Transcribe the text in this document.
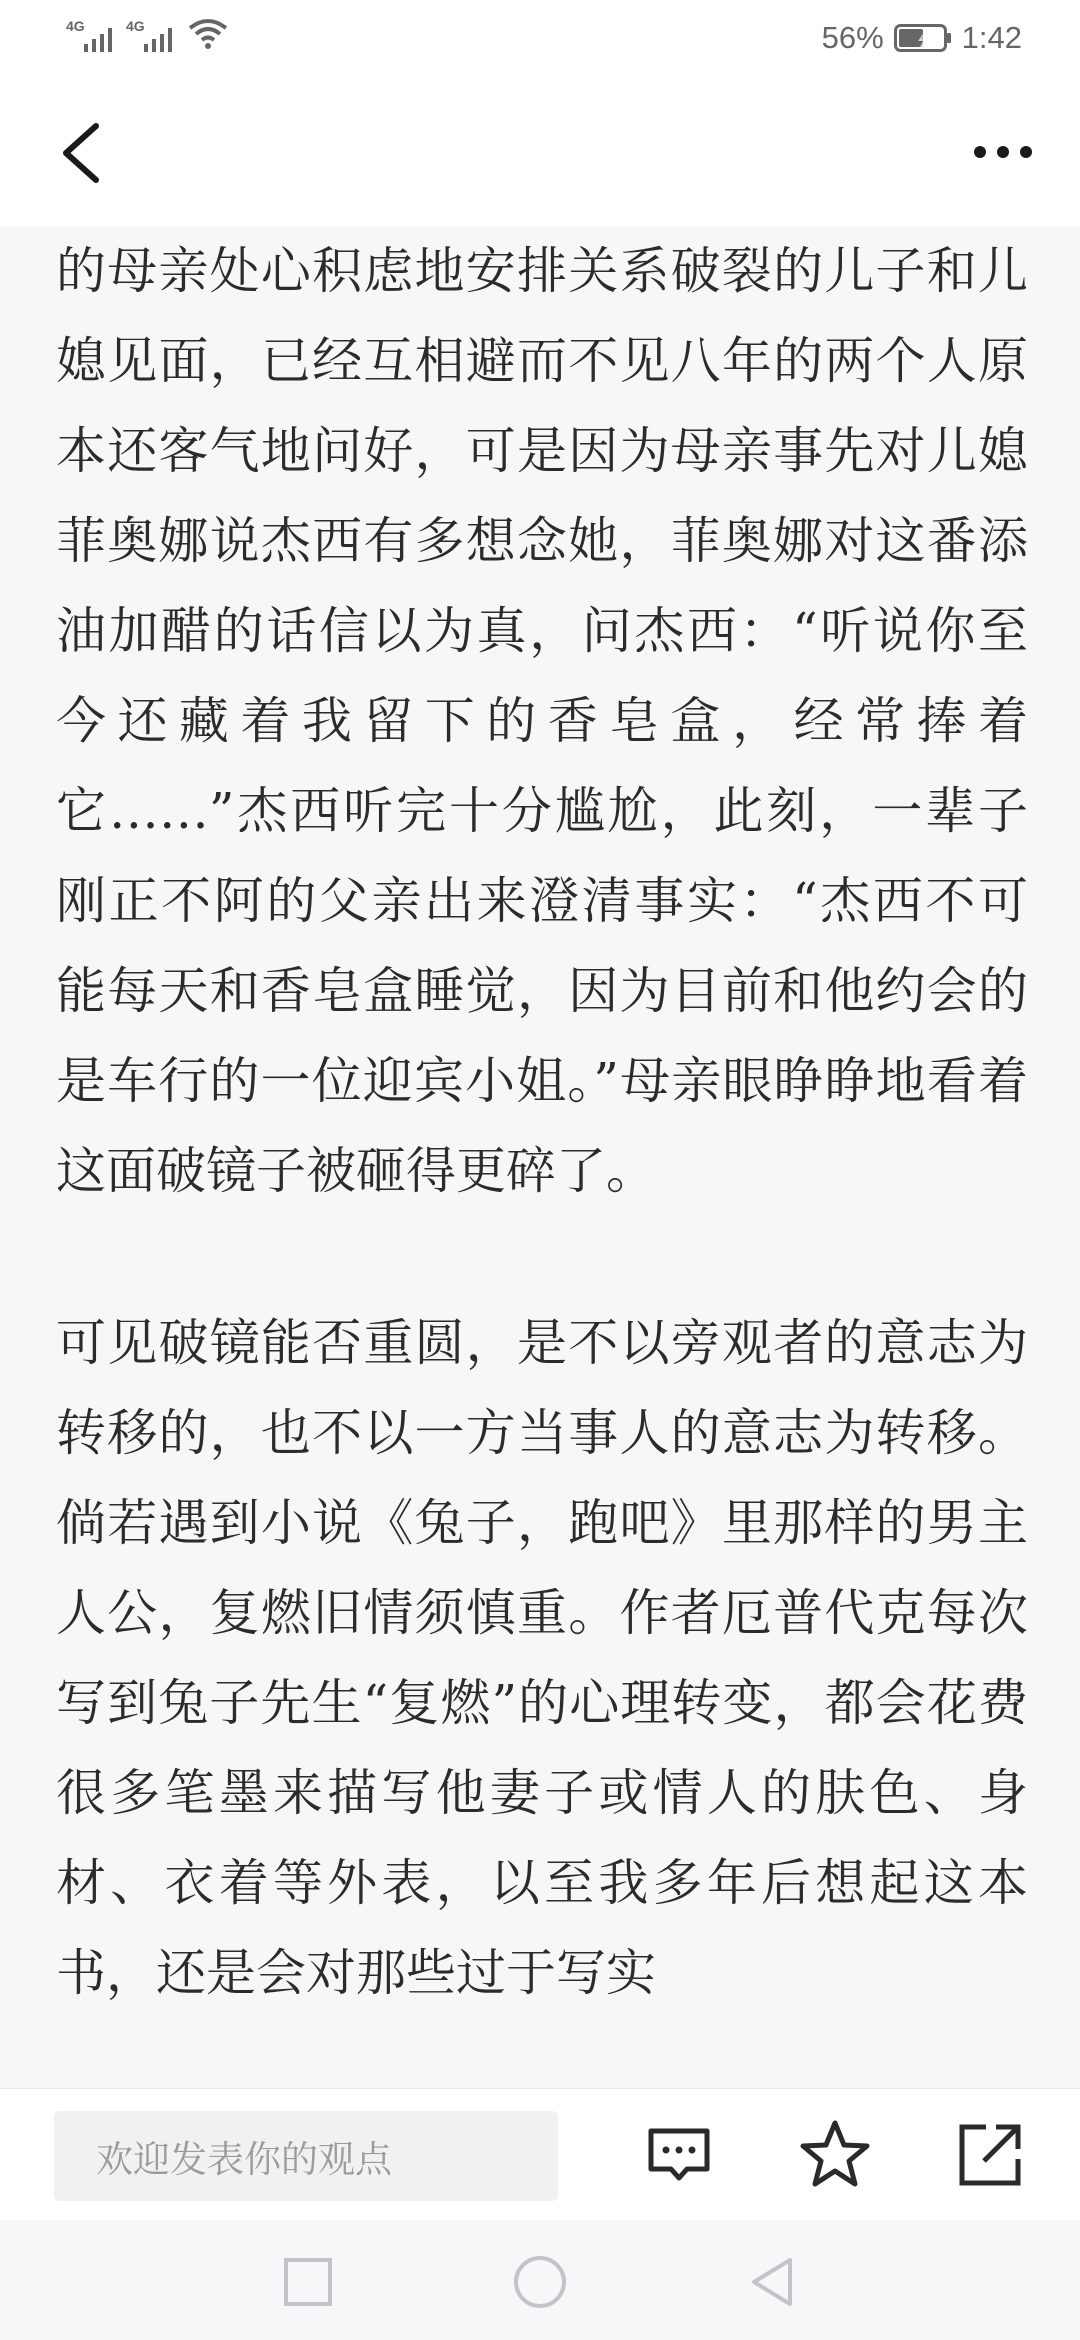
4G	4G	56%	1:42

的母亲处心积虑地安排关系破裂的儿子和儿媳见面，已经互相避而不见八年的两个人原本还客气地问好，可是因为母亲事先对儿媳菲奥娜说杰西有多想念她，菲奥娜对这番添油加醋的话信以为真，问杰西：“听说你至今还藏着我留下的香皂盒，经常捧着它……”杰西听完十分尴尬，此刻，一辈子刚正不阿的父亲出来澄清事实：“杰西不可能每天和香皂盒睡觉，因为目前和他约会的是车行的一位迎宾小姐。”母亲眼睁睁地看着这面破镜子被砸得更碎了。

可见破镜能否重圆，是不以旁观者的意志为转移的，也不以一方当事人的意志为转移。倘若遇到小说《兔子，跑吧》里那样的男主人公，复燃旧情须慎重。作者厄普代克每次写到兔子先生“复燃”的心理转变，都会花费很多笔墨来描写他妻子或情人的肤色、身材、衣着等外表，以至我多年后想起这本书，还是会对那些过于写实

欢迎发表你的观点
